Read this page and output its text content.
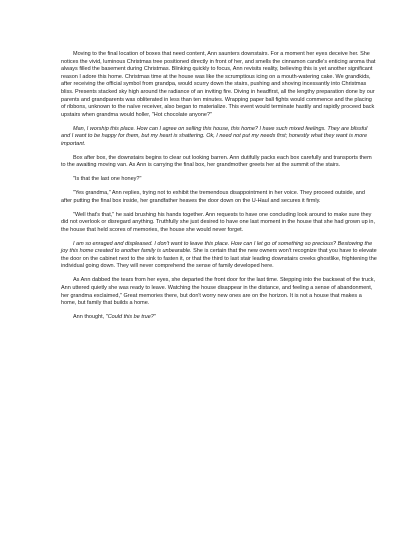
Moving to the final location of boxes that need content, Ann saunters downstairs. For a moment her eyes deceive her. She notices the vivid, luminous Christmas tree positioned directly in front of her, and smells the cinnamon candle's enticing aroma that always filled the basement during Christmas. Blinking quickly to focus, Ann revisits reality, believing this is yet another significant reason I adore this home. Christmas time at the house was like the scrumptious icing on a mouth-watering cake. We grandkids, after receiving the official symbol from grandpa, would scurry down the stairs, pushing and shoving incessantly into Christmas bliss. Presents stacked sky high around the radiance of an inviting fire. Diving in headfirst, all the lengthy preparation done by our parents and grandparents was obliterated in less than ten minutes. Wrapping paper ball fights would commence and the placing of ribbons, unknown to the naïve receiver, also began to materialize. This event would terminate hastily and rapidly proceed back upstairs when grandma would holler, "Hot chocolate anyone?"

Man, I worship this place. How can I agree on selling this house, this home? I have such mixed feelings. They are blissful and I want to be happy for them, but my heart is shattering. Ok, I need not put my needs first; honestly what they want is more important.

Box after box, the downstairs begins to clear out looking barren. Ann dutifully packs each box carefully and transports them to the awaiting moving van. As Ann is carrying the final box, her grandmother greets her at the summit of the stairs.

"Is that the last one honey?"

"Yes grandma," Ann replies, trying not to exhibit the tremendous disappointment in her voice. They proceed outside, and after putting the final box inside, her grandfather heaves the door down on the U-Haul and secures it firmly.

"Well that's that," he said brushing his hands together. Ann requests to have one concluding look around to make sure they did not overlook or disregard anything. Truthfully she just desired to have one last moment in the house that she had grown up in, the house that held scores of memories, the house she would never forget.

I am so enraged and displeased. I don't want to leave this place. How can I let go of something so precious? Bestowing the joy this home created to another family is unbearable. She is certain that the new owners won't recognize that you have to elevate the door on the cabinet next to the sink to fasten it, or that the third to last stair leading downstairs creeks ghostlike, frightening the individual going down. They will never comprehend the sense of family developed here.

As Ann dabbed the tears from her eyes, she departed the front door for the last time. Stepping into the backseat of the truck, Ann uttered quietly she was ready to leave. Watching the house disappear in the distance, and feeling a sense of abandonment, her grandma exclaimed," Great memories there, but don't worry new ones are on the horizon. It is not a house that makes a home, but family that builds a home.

Ann thought, "Could this be true?"
